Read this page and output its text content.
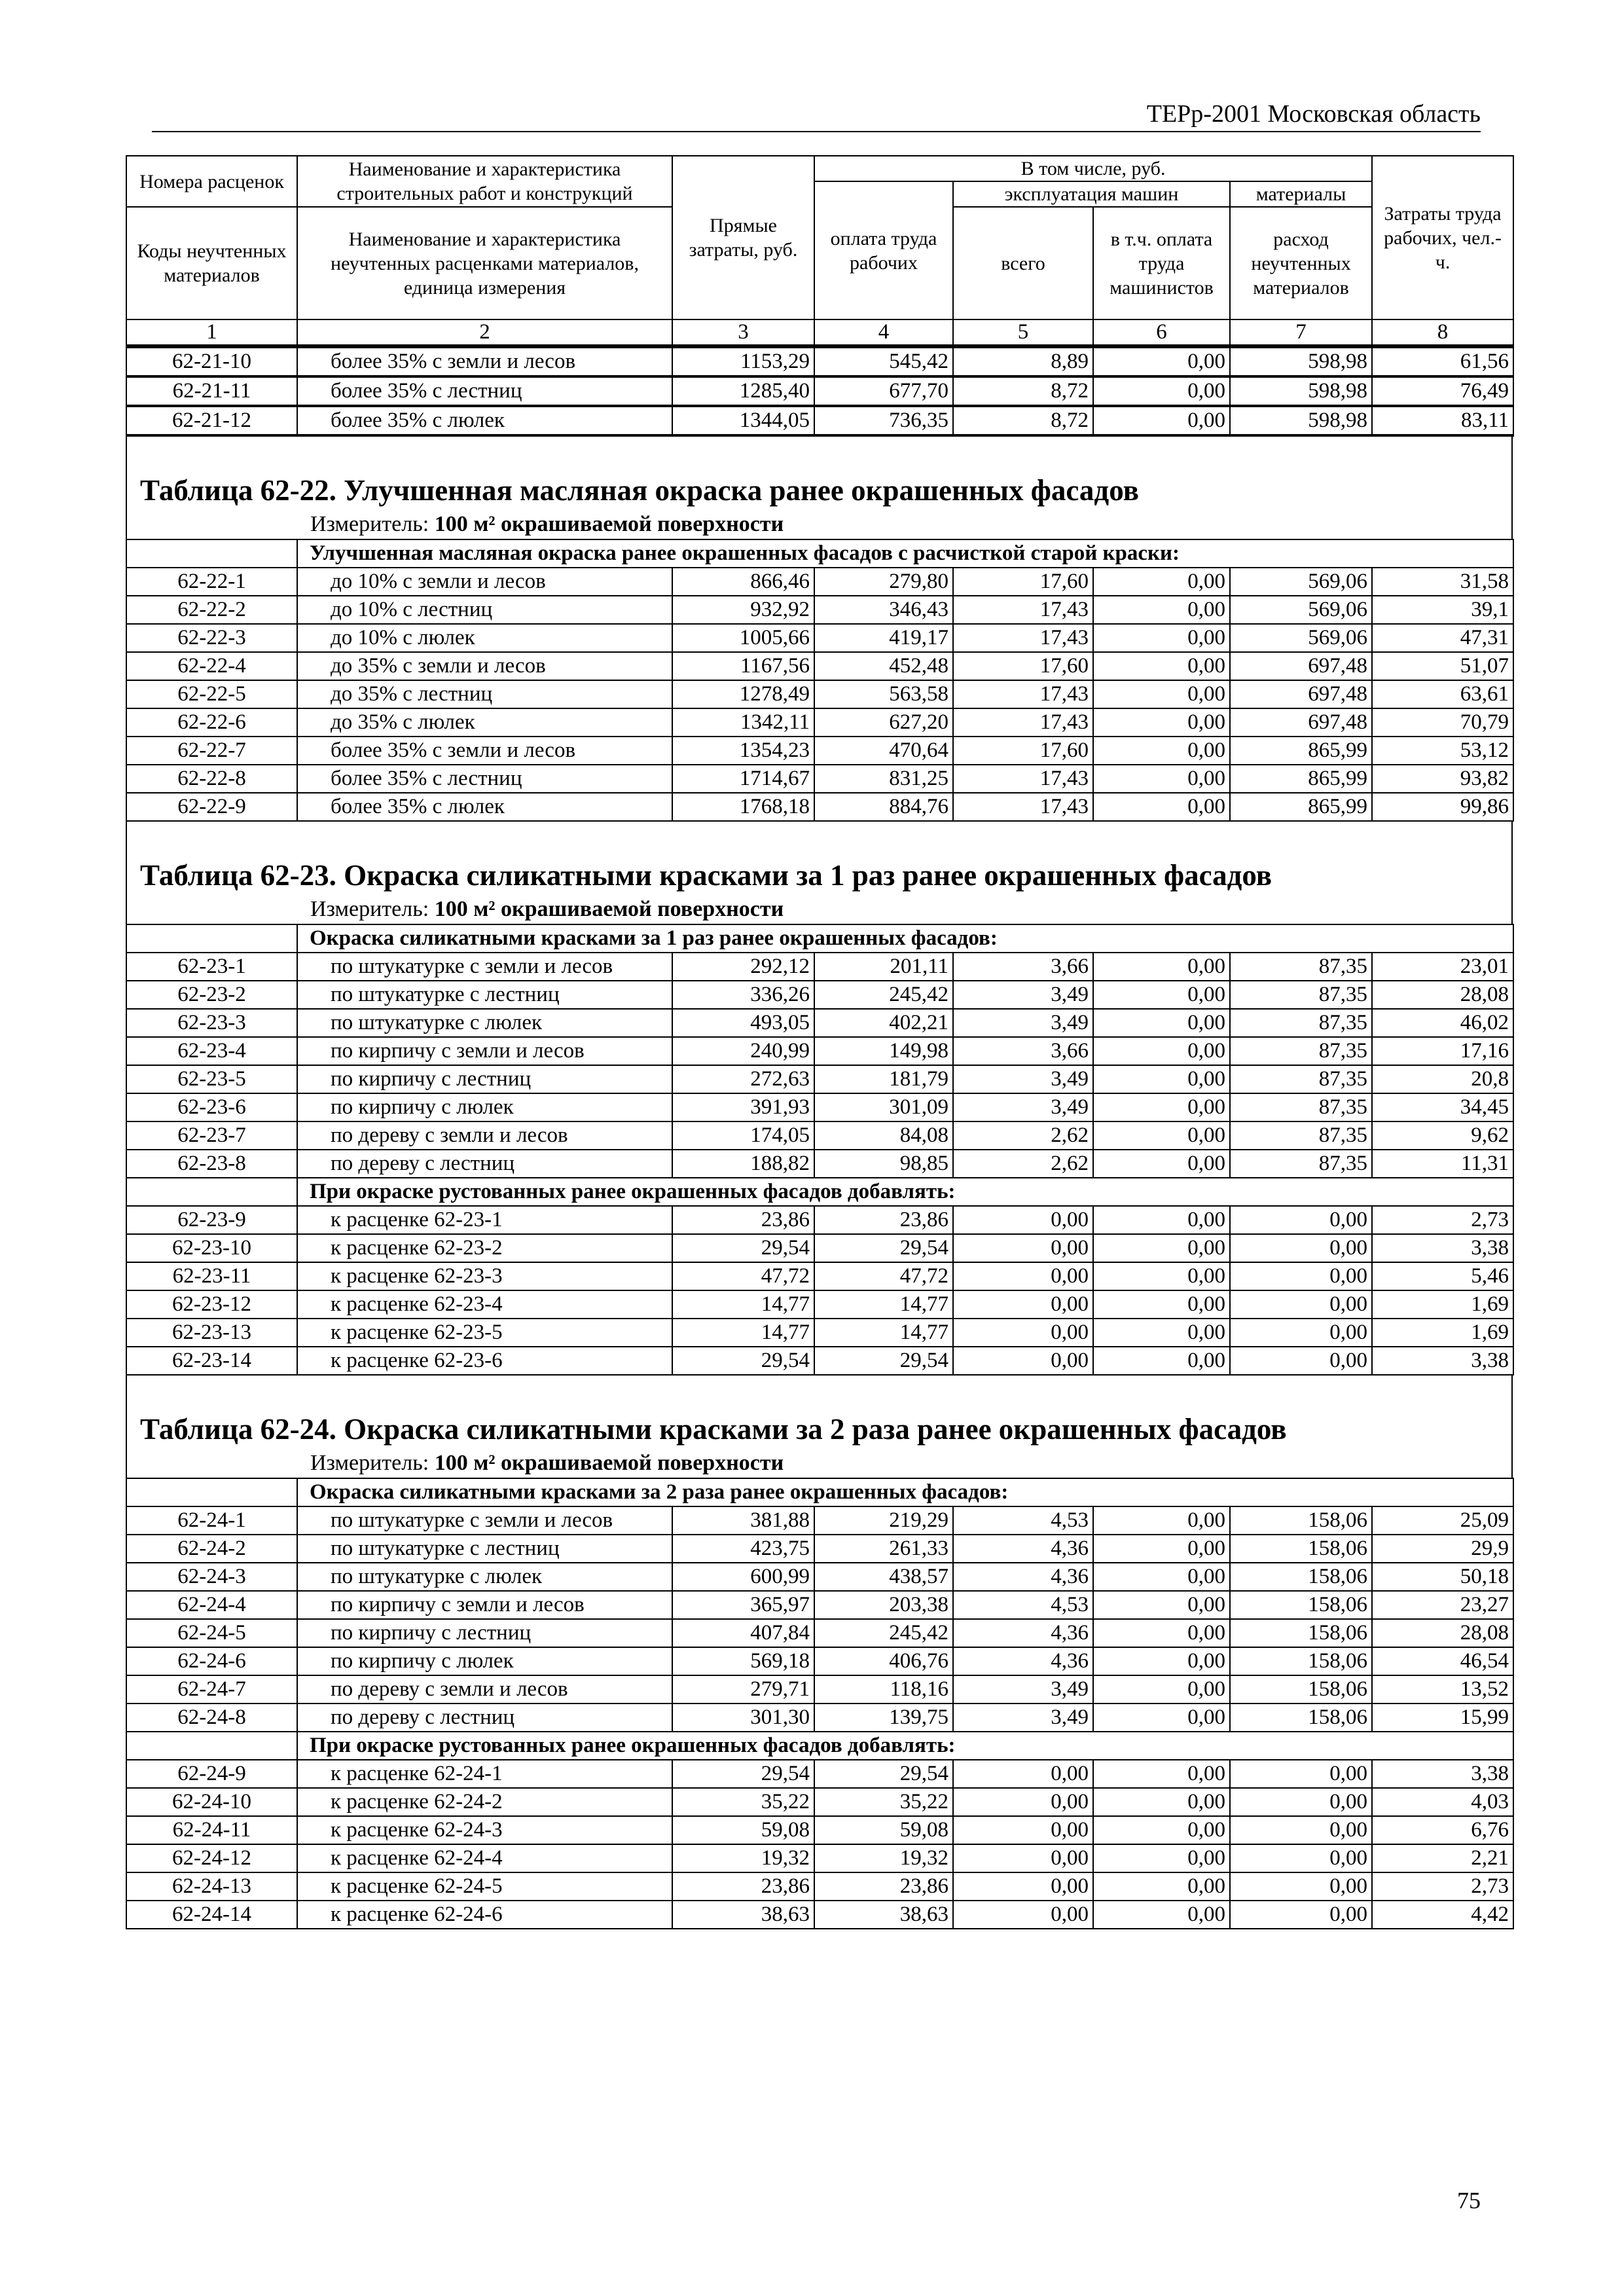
ТЕРр-2001 Московская область
Номера расценок	Наименование и характеристика строительных работ и конструкций	Прямые затраты, руб.	В том числе, руб.				Затраты труда рабочих, чел.-ч.
			оплата труда рабочих	эксплуатация машин		материалы	
Коды неучтенных материалов	Наименование и характеристика неучтенных расценками материалов, единица измерения			всего	в т.ч. оплата труда машинистов	расход неучтенных материалов	

1	2	3	4	5	6	7	8
62-21-10	более 35% с земли и лесов	1153,29	545,42	8,89	0,00	598,98	61,56
62-21-11	более 35% с лестниц	1285,40	677,70	8,72	0,00	598,98	76,49
62-21-12	более 35% с люлек	1344,05	736,35	8,72	0,00	598,98	83,11
Таблица 62-22. Улучшенная масляная окраска ранее окрашенных фасадов
Измеритель: 100 м² окрашиваемой поверхности
	Улучшенная масляная окраска ранее окрашенных фасадов с расчисткой старой краски:						
62-22-1	до 10% с земли и лесов	866,46	279,80	17,60	0,00	569,06	31,58
62-22-2	до 10% с лестниц	932,92	346,43	17,43	0,00	569,06	39,1
62-22-3	до 10% с люлек	1005,66	419,17	17,43	0,00	569,06	47,31
62-22-4	до 35% с земли и лесов	1167,56	452,48	17,60	0,00	697,48	51,07
62-22-5	до 35% с лестниц	1278,49	563,58	17,43	0,00	697,48	63,61
62-22-6	до 35% с люлек	1342,11	627,20	17,43	0,00	697,48	70,79
62-22-7	более 35% с земли и лесов	1354,23	470,64	17,60	0,00	865,99	53,12
62-22-8	более 35% с лестниц	1714,67	831,25	17,43	0,00	865,99	93,82
62-22-9	более 35% с люлек	1768,18	884,76	17,43	0,00	865,99	99,86
Таблица 62-23. Окраска силикатными красками за 1 раз ранее окрашенных фасадов
Измеритель: 100 м² окрашиваемой поверхности
	Окраска силикатными красками за 1 раз ранее окрашенных фасадов:						
62-23-1	по штукатурке с земли и лесов	292,12	201,11	3,66	0,00	87,35	23,01
62-23-2	по штукатурке с лестниц	336,26	245,42	3,49	0,00	87,35	28,08
62-23-3	по штукатурке с люлек	493,05	402,21	3,49	0,00	87,35	46,02
62-23-4	по кирпичу с земли и лесов	240,99	149,98	3,66	0,00	87,35	17,16
62-23-5	по кирпичу с лестниц	272,63	181,79	3,49	0,00	87,35	20,8
62-23-6	по кирпичу с люлек	391,93	301,09	3,49	0,00	87,35	34,45
62-23-7	по дереву с земли и лесов	174,05	84,08	2,62	0,00	87,35	9,62
62-23-8	по дереву с лестниц	188,82	98,85	2,62	0,00	87,35	11,31
	При окраске рустованных ранее окрашенных фасадов добавлять:						
62-23-9	к расценке 62-23-1	23,86	23,86	0,00	0,00	0,00	2,73
62-23-10	к расценке 62-23-2	29,54	29,54	0,00	0,00	0,00	3,38
62-23-11	к расценке 62-23-3	47,72	47,72	0,00	0,00	0,00	5,46
62-23-12	к расценке 62-23-4	14,77	14,77	0,00	0,00	0,00	1,69
62-23-13	к расценке 62-23-5	14,77	14,77	0,00	0,00	0,00	1,69
62-23-14	к расценке 62-23-6	29,54	29,54	0,00	0,00	0,00	3,38
Таблица 62-24. Окраска силикатными красками за 2 раза ранее окрашенных фасадов
Измеритель: 100 м² окрашиваемой поверхности
	Окраска силикатными красками за 2 раза ранее окрашенных фасадов:						
62-24-1	по штукатурке с земли и лесов	381,88	219,29	4,53	0,00	158,06	25,09
62-24-2	по штукатурке с лестниц	423,75	261,33	4,36	0,00	158,06	29,9
62-24-3	по штукатурке с люлек	600,99	438,57	4,36	0,00	158,06	50,18
62-24-4	по кирпичу с земли и лесов	365,97	203,38	4,53	0,00	158,06	23,27
62-24-5	по кирпичу с лестниц	407,84	245,42	4,36	0,00	158,06	28,08
62-24-6	по кирпичу с люлек	569,18	406,76	4,36	0,00	158,06	46,54
62-24-7	по дереву с земли и лесов	279,71	118,16	3,49	0,00	158,06	13,52
62-24-8	по дереву с лестниц	301,30	139,75	3,49	0,00	158,06	15,99
	При окраске рустованных ранее окрашенных фасадов добавлять:						
62-24-9	к расценке 62-24-1	29,54	29,54	0,00	0,00	0,00	3,38
62-24-10	к расценке 62-24-2	35,22	35,22	0,00	0,00	0,00	4,03
62-24-11	к расценке 62-24-3	59,08	59,08	0,00	0,00	0,00	6,76
62-24-12	к расценке 62-24-4	19,32	19,32	0,00	0,00	0,00	2,21
62-24-13	к расценке 62-24-5	23,86	23,86	0,00	0,00	0,00	2,73
62-24-14	к расценке 62-24-6	38,63	38,63	0,00	0,00	0,00	4,42
75
